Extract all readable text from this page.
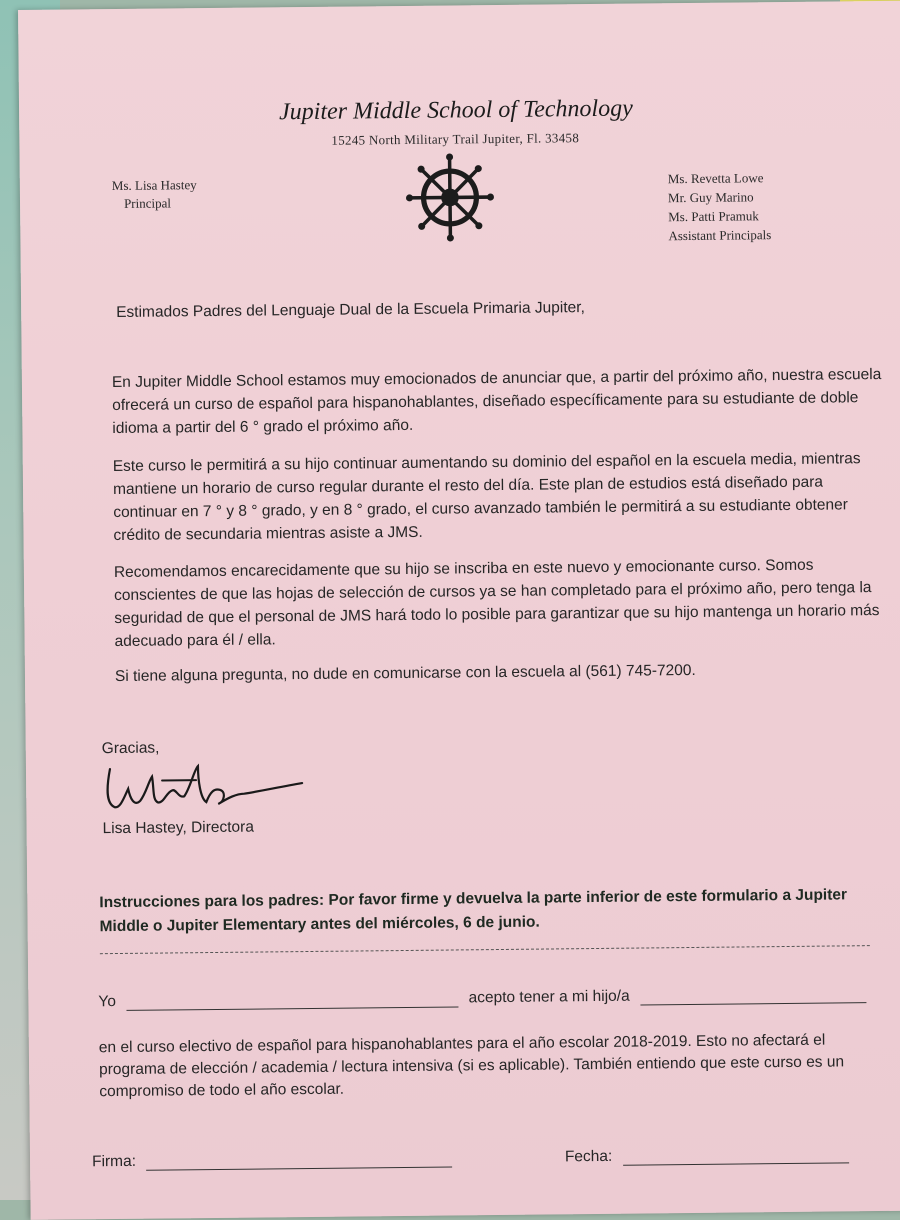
Jupiter Middle School of Technology
15245 North Military Trail Jupiter, Fl. 33458
Ms. Lisa Hastey
Principal
Ms. Revetta Lowe
Mr. Guy Marino
Ms. Patti Pramuk
Assistant Principals
Estimados Padres del Lenguaje Dual de la Escuela Primaria Jupiter,
En Jupiter Middle School estamos muy emocionados de anunciar que, a partir del próximo año, nuestra escuela ofrecerá un curso de español para hispanohablantes, diseñado específicamente para su estudiante de doble idioma a partir del 6 ° grado el próximo año.
Este curso le permitirá a su hijo continuar aumentando su dominio del español en la escuela media, mientras mantiene un horario de curso regular durante el resto del día. Este plan de estudios está diseñado para continuar en 7 ° y 8 ° grado, y en 8 ° grado, el curso avanzado también le permitirá a su estudiante obtener crédito de secundaria mientras asiste a JMS.
Recomendamos encarecidamente que su hijo se inscriba en este nuevo y emocionante curso. Somos conscientes de que las hojas de selección de cursos ya se han completado para el próximo año, pero tenga la seguridad de que el personal de JMS hará todo lo posible para garantizar que su hijo mantenga un horario más adecuado para él / ella.
Si tiene alguna pregunta, no dude en comunicarse con la escuela al (561) 745-7200.
Gracias,
Lisa Hastey, Directora
Instrucciones para los padres: Por favor firme y devuelva la parte inferior de este formulario a Jupiter Middle o Jupiter Elementary antes del miércoles, 6 de junio.
Yo	acepto tener a mi hijo/a
en el curso electivo de español para hispanohablantes para el año escolar 2018-2019. Esto no afectará el programa de elección / academia / lectura intensiva (si es aplicable). También entiendo que este curso es un compromiso de todo el año escolar.
Firma:	Fecha:
